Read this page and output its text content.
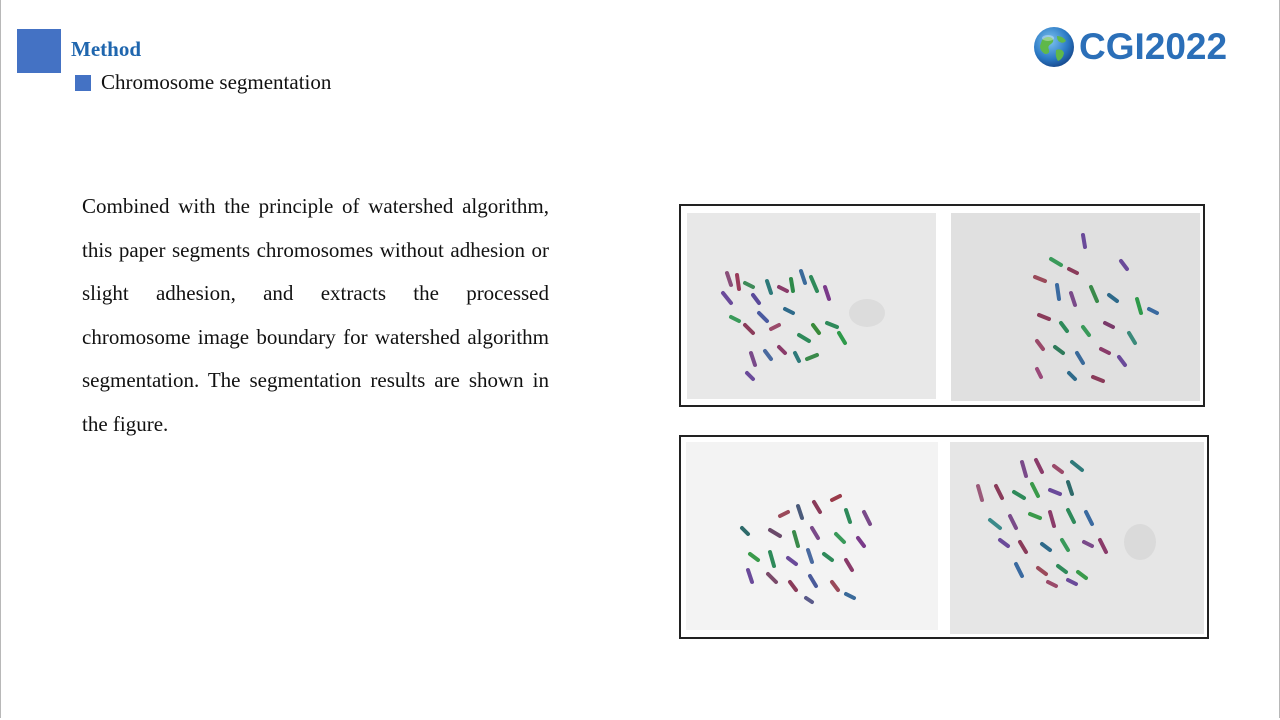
Method
Chromosome segmentation
CGI2022
Combined with the principle of watershed algorithm, this paper segments chromosomes without adhesion or slight adhesion, and extracts the processed chromosome image boundary for watershed algorithm segmentation. The segmentation results are shown in the figure.
